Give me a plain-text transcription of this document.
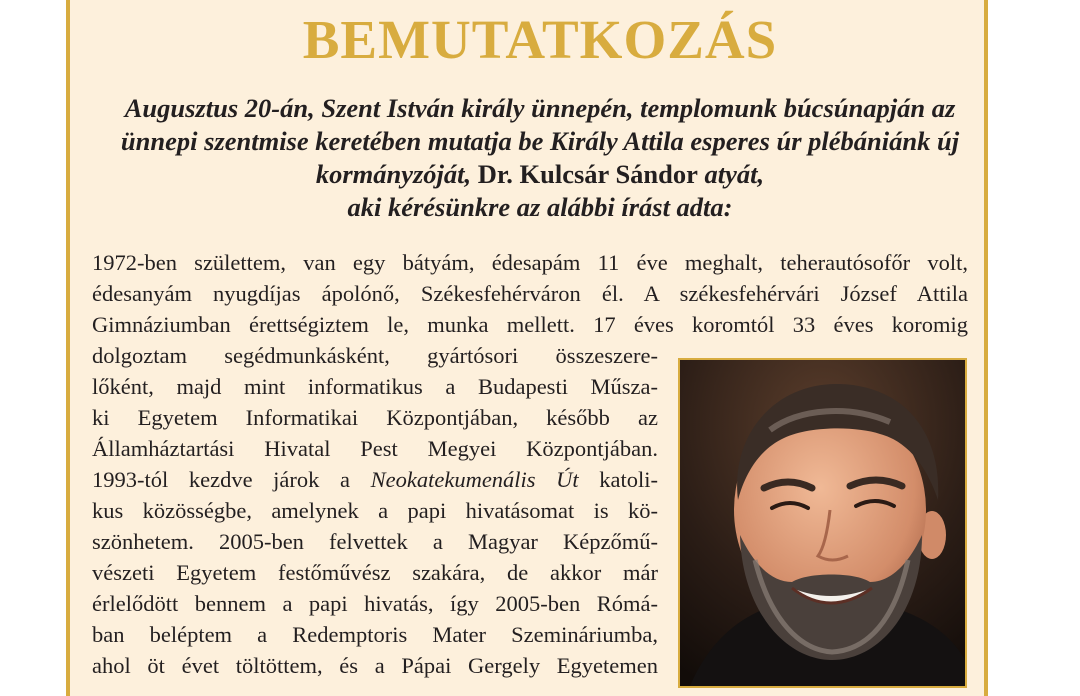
BEMUTATKOZÁS
Augusztus 20-án, Szent István király ünnepén, templomunk búcsúnapján az ünnepi szentmise keretében mutatja be Király Attila esperes úr plébániánk új kormányzóját, Dr. Kulcsár Sándor atyát,
aki kérésünkre az alábbi írást adta:
1972-ben születtem, van egy bátyám, édesapám 11 éve meghalt, teherautósofőr volt,
édesanyám nyugdíjas ápolónő, Székesfehérváron él. A székesfehérvári József Attila
Gimnáziumban érettségiztem le, munka mellett. 17 éves koromtól 33 éves koromig
dolgoztam segédmunkásként, gyártósori összeszere-
lőként, majd mint informatikus a Budapesti Műsza-
ki Egyetem Informatikai Központjában, később az
Államháztartási Hivatal Pest Megyei Központjában.
1993-tól kezdve járok a Neokatekumenális Út katoli-
kus közösségbe, amelynek a papi hivatásomat is kö-
szönhetem. 2005-ben felvettek a Magyar Képzőmű-
vészeti Egyetem festőművész szakára, de akkor már
érlelődött bennem a papi hivatás, így 2005-ben Rómá-
ban beléptem a Redemptoris Mater Szemináriumba,
ahol öt évet töltöttem, és a Pápai Gergely Egyetemen
